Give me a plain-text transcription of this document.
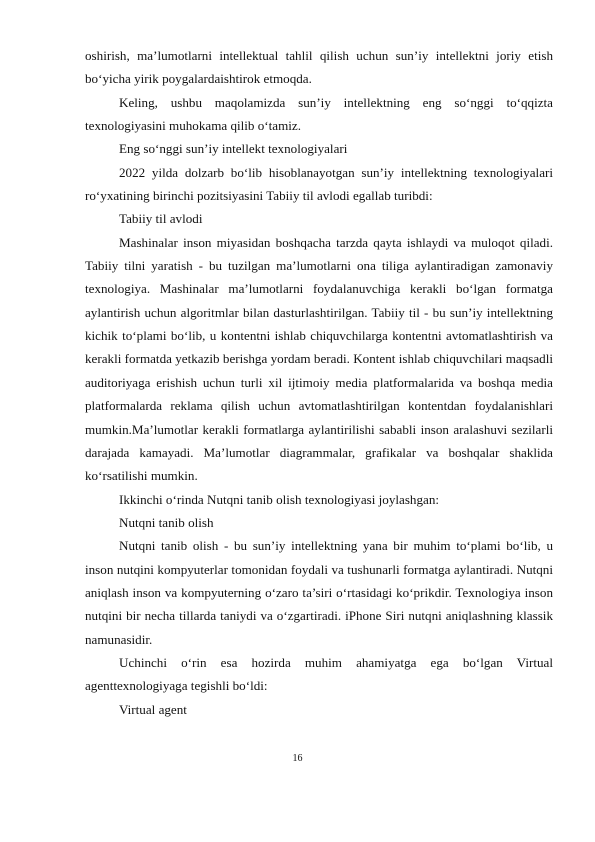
oshirish, ma’lumotlarni intellektual tahlil qilish uchun sun’iy intellektni joriy etish bo‘yicha yirik poygalardaishtirok etmoqda.

Keling, ushbu maqolamizda sun’iy intellektning eng so‘nggi to‘qqizta texnologiyasini muhokama qilib o‘tamiz.

Eng so‘nggi sun’iy intellekt texnologiyalari

2022 yilda dolzarb bo‘lib hisoblanayotgan sun’iy intellektning texnologiyalari ro‘yxatining birinchi pozitsiyasini Tabiiy til avlodi egallab turibdi:

Tabiiy til avlodi

Mashinalar inson miyasidan boshqacha tarzda qayta ishlaydi va muloqot qiladi. Tabiiy tilni yaratish - bu tuzilgan ma’lumotlarni ona tiliga aylantiradigan zamonaviy texnologiya. Mashinalar ma’lumotlarni foydalanuvchiga kerakli bo‘lgan formatga aylantirish uchun algoritmlar bilan dasturlashtirilgan. Tabiiy til - bu sun’iy intellektning kichik to‘plami bo‘lib, u kontentni ishlab chiquvchilarga kontentni avtomatlashtirish va kerakli formatda yetkazib berishga yordam beradi. Kontent ishlab chiquvchilari maqsadli auditoriyaga erishish uchun turli xil ijtimoiy media platformalarida va boshqa media platformalarda reklama qilish uchun avtomatlashtirilgan kontentdan foydalanishlari mumkin.Ma’lumotlar kerakli formatlarga aylantirilishi sababli inson aralashuvi sezilarli darajada kamayadi. Ma’lumotlar diagrammalar, grafikalar va boshqalar shaklida ko‘rsatilishi mumkin.

Ikkinchi o‘rinda Nutqni tanib olish texnologiyasi joylashgan:

Nutqni tanib olish

Nutqni tanib olish - bu sun’iy intellektning yana bir muhim to‘plami bo‘lib, u inson nutqini kompyuterlar tomonidan foydali va tushunarli formatga aylantiradi. Nutqni aniqlash inson va kompyuterning o‘zaro ta’siri o‘rtasidagi ko‘prikdir. Texnologiya inson nutqini bir necha tillarda taniydi va o‘zgartiradi. iPhone Siri nutqni aniqlashning klassik namunasidir.

Uchinchi o‘rin esa hozirda muhim ahamiyatga ega bo‘lgan Virtual agenttexnologiyaga tegishli bo‘ldi:

Virtual agent

16
